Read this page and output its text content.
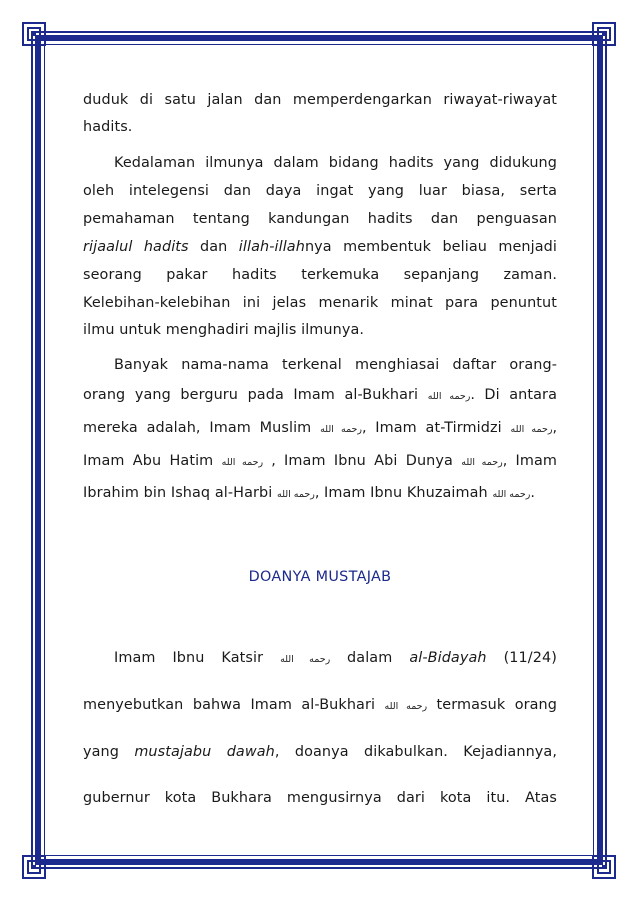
duduk di satu jalan dan memperdengarkan riwayat-riwayat
hadits.
Kedalaman ilmunya dalam bidang hadits yang didukung
oleh intelegensi dan daya ingat yang luar biasa, serta
pemahaman tentang kandungan hadits dan penguasan
rijaalul hadits dan illah-illahnya membentuk beliau menjadi
seorang pakar hadits terkemuka sepanjang zaman.
Kelebihan-kelebihan ini jelas menarik minat para penuntut
ilmu untuk menghadiri majlis ilmunya.
Banyak nama-nama terkenal menghiasai daftar orang-
orang yang berguru pada Imam al-Bukhari رحمه الله. Di antara
mereka adalah, Imam Muslim رحمه الله, Imam at-Tirmidzi رحمه الله,
Imam Abu Hatim رحمه الله , Imam Ibnu Abi Dunya رحمه الله, Imam
Ibrahim bin Ishaq al-Harbi رحمه الله, Imam Ibnu Khuzaimah رحمه الله.
Imam Ibnu Katsir رحمه الله dalam al-Bidayah (11/24)
menyebutkan bahwa Imam al-Bukhari رحمه الله termasuk orang
yang mustajabu dawah, doanya dikabulkan. Kejadiannya,
gubernur kota Bukhara mengusirnya dari kota itu. Atas
DOANYA MUSTAJAB
